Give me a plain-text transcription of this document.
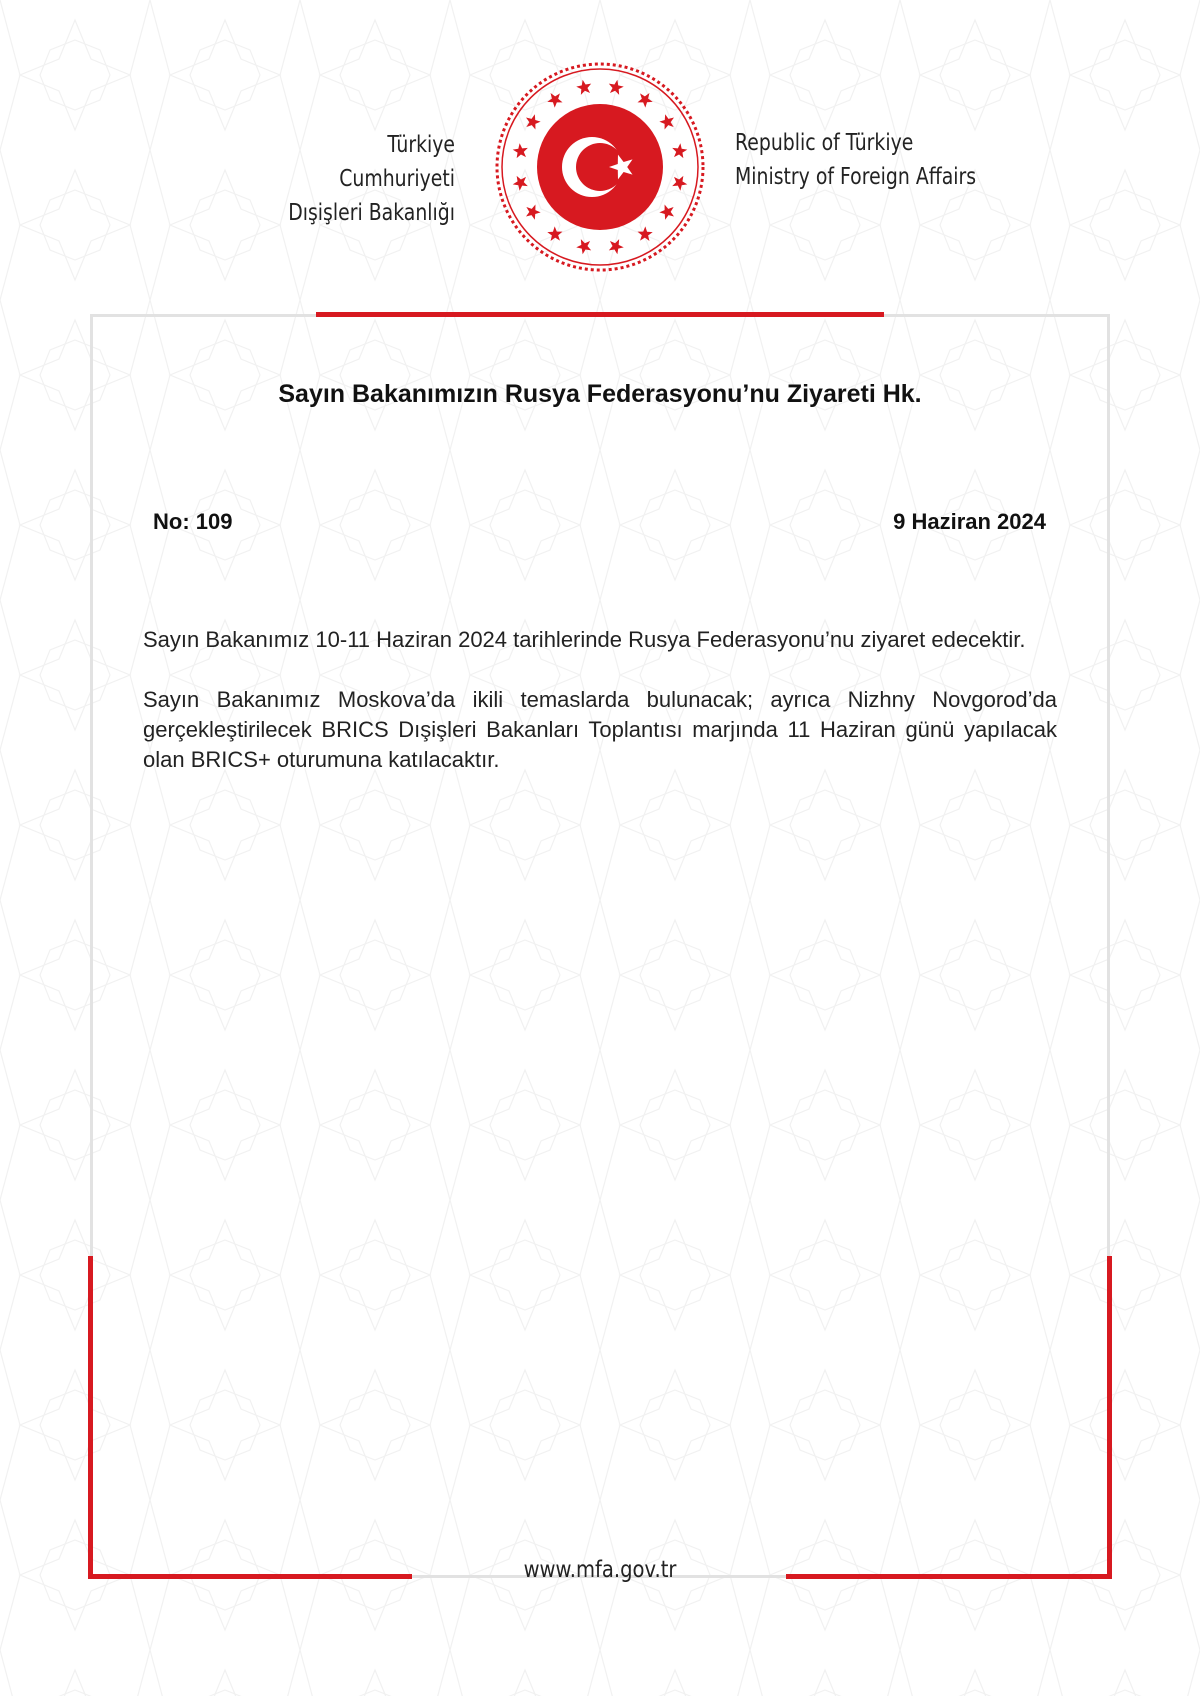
Türkiye Cumhuriyeti
Dışişleri Bakanlığı
Republic of Türkiye
Ministry of Foreign Affairs
Sayın Bakanımızın Rusya Federasyonu’nu Ziyareti Hk.
No: 109	9 Haziran 2024

Sayın Bakanımız 10-11 Haziran 2024 tarihlerinde Rusya Federasyonu’nu ziyaret edecektir.

Sayın Bakanımız Moskova’da ikili temaslarda bulunacak; ayrıca Nizhny Novgorod’da gerçekleştirilecek BRICS Dışişleri Bakanları Toplantısı marjında 11 Haziran günü yapılacak olan BRICS+ oturumuna katılacaktır.

www.mfa.gov.tr
